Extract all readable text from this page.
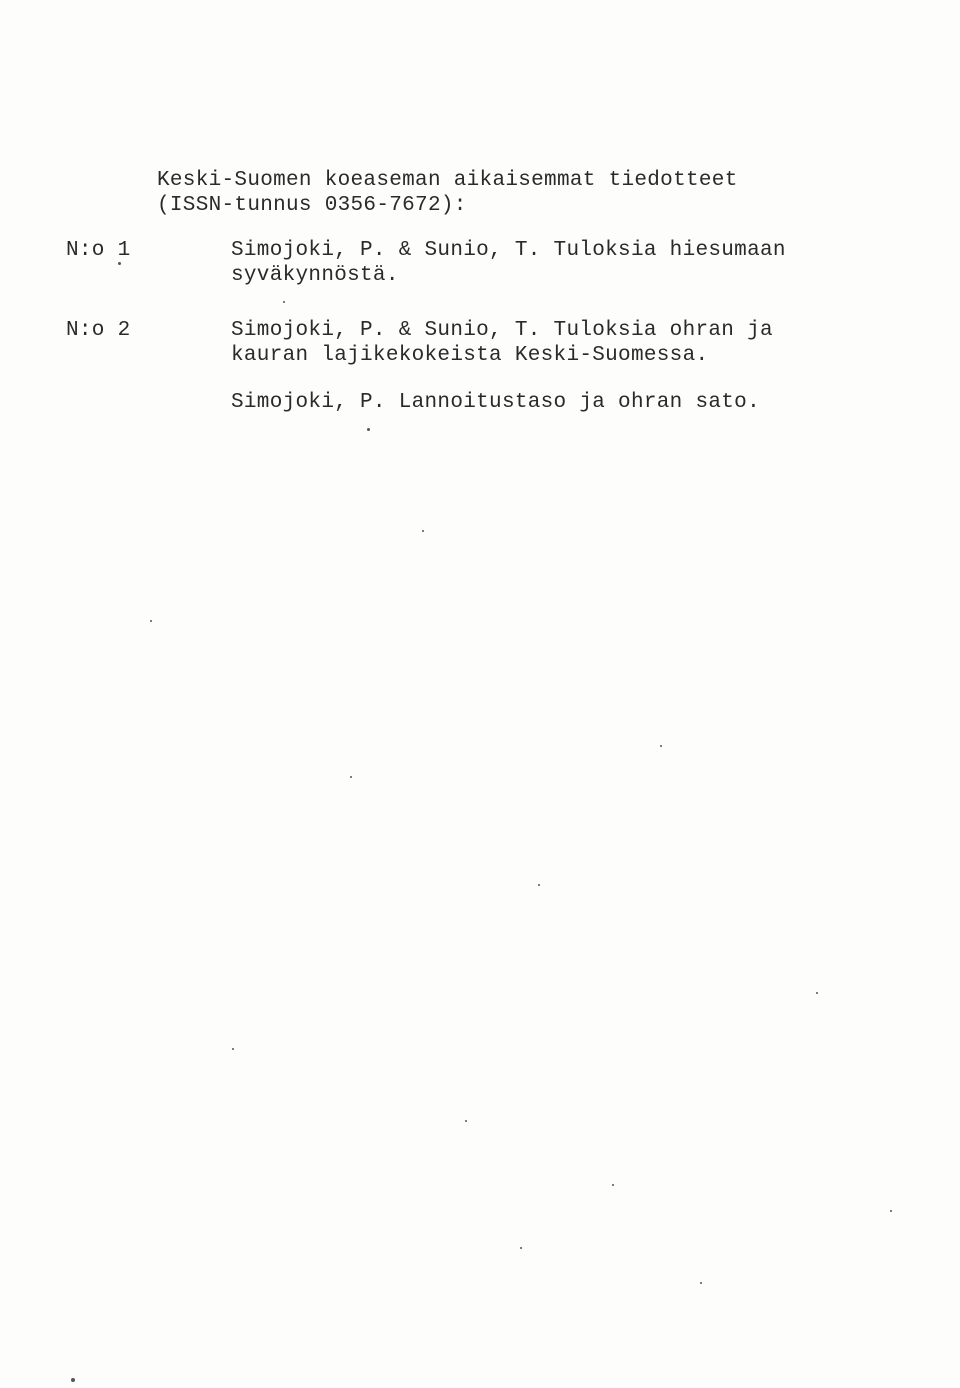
Keski-Suomen koeaseman aikaisemmat tiedotteet
(ISSN-tunnus 0356-7672):
N:o 1	Simojoki, P. & Sunio, T. Tuloksia hiesumaan
syväkynnöstä.
N:o 2	Simojoki, P. & Sunio, T. Tuloksia ohran ja
kauran lajikekokeista Keski-Suomessa.
Simojoki, P. Lannoitustaso ja ohran sato.
